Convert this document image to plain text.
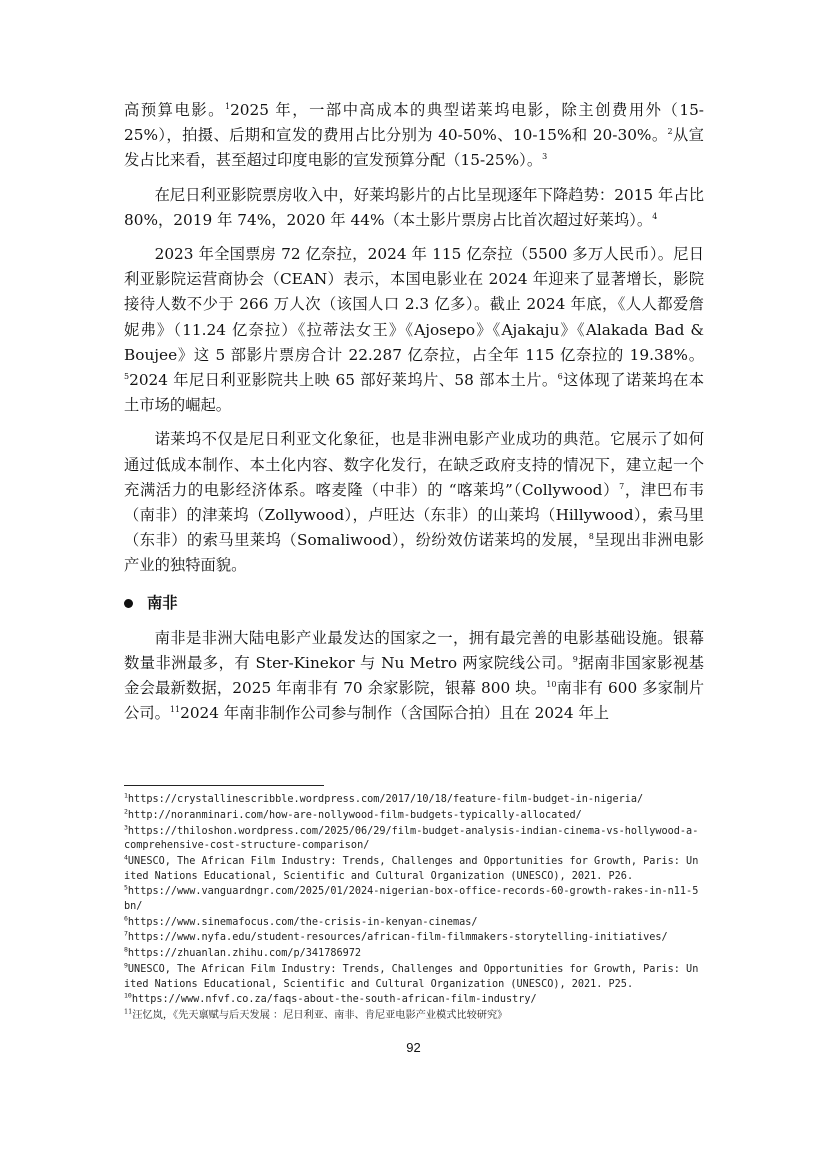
高预算电影。$^1$2025 年，一部中高成本的典型诺莱坞电影，除主创费用外（15-25%），拍摄、后期和宣发的费用占比分别为 40-50%、10-15%和 20-30%。$^2$从宣发占比来看，甚至超过印度电影的宣发预算分配（15-25%）。$^3$

在尼日利亚影院票房收入中，好莱坞影片的占比呈现逐年下降趋势：2015 年占比 80%，2019 年 74%，2020 年 44%（本土影片票房占比首次超过好莱坞）。$^4$

2023 年全国票房 72 亿奈拉，2024 年 115 亿奈拉（5500 多万人民币）。尼日利亚影院运营商协会（CEAN）表示，本国电影业在 2024 年迎来了显著增长，影院接待人数不少于 266 万人次（该国人口 2.3 亿多）。截止 2024 年底，《人人都爱詹妮弗》（11.24 亿奈拉）《拉蒂法女王》《Ajosepo》《Ajakaju》《Alakada Bad & Boujee》这 5 部影片票房合计 22.287 亿奈拉，占全年 115 亿奈拉的 19.38%。$^5$2024 年尼日利亚影院共上映 65 部好莱坞片、58 部本土片。$^6$这体现了诺莱坞在本土市场的崛起。

诺莱坞不仅是尼日利亚文化象征，也是非洲电影产业成功的典范。它展示了如何通过低成本制作、本土化内容、数字化发行，在缺乏政府支持的情况下，建立起一个充满活力的电影经济体系。喀麦隆（中非）的 “喀莱坞”（Collywood）$^7$，津巴布韦（南非）的津莱坞（Zollywood），卢旺达（东非）的山莱坞（Hillywood），索马里（东非）的索马里莱坞（Somaliwood），纷纷效仿诺莱坞的发展，$^8$呈现出非洲电影产业的独特面貌。

南非

南非是非洲大陆电影产业最发达的国家之一，拥有最完善的电影基础设施。银幕数量非洲最多，有 Ster-Kinekor 与 Nu Metro 两家院线公司。$^9$据南非国家影视基金会最新数据，2025 年南非有 70 余家影院，银幕 800 块。$^{10}$南非有 600 多家制片公司。$^{11}$2024 年南非制作公司参与制作（含国际合拍）且在 2024 年上

$^1$https://crystallinescribble.wordpress.com/2017/10/18/feature-film-budget-in-nigeria/
$^2$http://noranminari.com/how-are-nollywood-film-budgets-typically-allocated/
$^3$https://thiloshon.wordpress.com/2025/06/29/film-budget-analysis-indian-cinema-vs-hollywood-a-comprehensive-cost-structure-comparison/
$^4$UNESCO, The African Film Industry: Trends, Challenges and Opportunities for Growth, Paris: United Nations Educational, Scientific and Cultural Organization (UNESCO), 2021. P26.
$^5$https://www.vanguardngr.com/2025/01/2024-nigerian-box-office-records-60-growth-rakes-in-n11-5bn/
$^6$https://www.sinemafocus.com/the-crisis-in-kenyan-cinemas/
$^7$https://www.nyfa.edu/student-resources/african-film-filmmakers-storytelling-initiatives/
$^8$https://zhuanlan.zhihu.com/p/341786972
$^9$UNESCO, The African Film Industry: Trends, Challenges and Opportunities for Growth, Paris: United Nations Educational, Scientific and Cultural Organization (UNESCO), 2021. P25.
$^{10}$https://www.nfvf.co.za/faqs-about-the-south-african-film-industry/
$^{11}$汪忆岚，《先天禀赋与后天发展 ：尼日利亚、南非、肯尼亚电影产业模式比较研究》
92
